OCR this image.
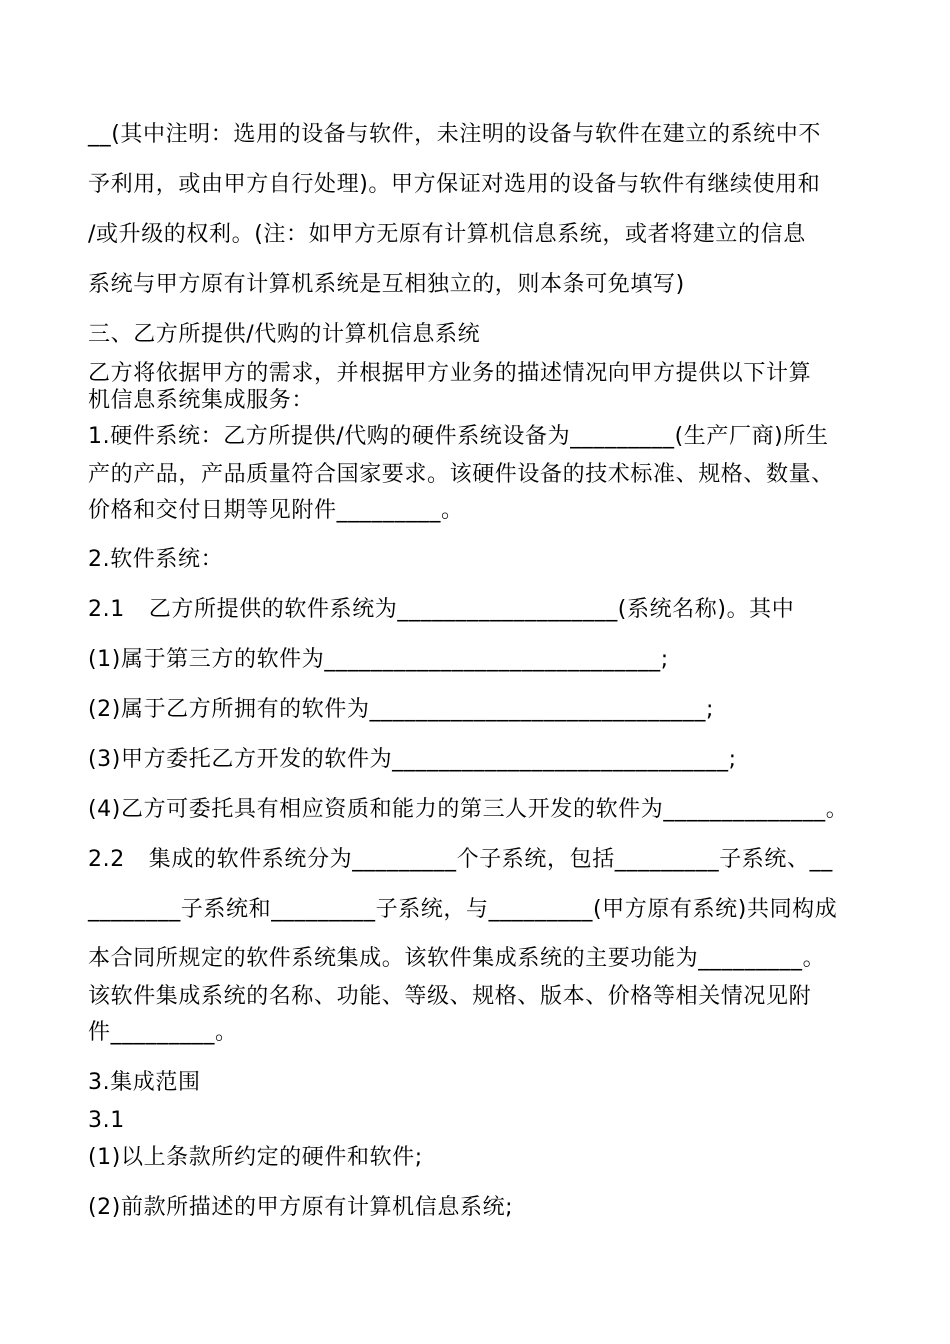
__(其中注明：选用的设备与软件，未注明的设备与软件在建立的系统中不

予利用，或由甲方自行处理)。甲方保证对选用的设备与软件有继续使用和

/或升级的权利。(注：如甲方无原有计算机信息系统，或者将建立的信息

系统与甲方原有计算机系统是互相独立的，则本条可免填写)

三、乙方所提供/代购的计算机信息系统

乙方将依据甲方的需求，并根据甲方业务的描述情况向甲方提供以下计算

机信息系统集成服务：

1.硬件系统：乙方所提供/代购的硬件系统设备为_________(生产厂商)所生

产的产品，产品质量符合国家要求。该硬件设备的技术标准、规格、数量、

价格和交付日期等见附件_________。

2.软件系统：

2.1 乙方所提供的软件系统为___________________(系统名称)。其中

(1)属于第三方的软件为_____________________________;

(2)属于乙方所拥有的软件为_____________________________;

(3)甲方委托乙方开发的软件为_____________________________;

(4)乙方可委托具有相应资质和能力的第三人开发的软件为______________。

2.2 集成的软件系统分为_________个子系统，包括_________子系统、__

________子系统和_________子系统，与_________(甲方原有系统)共同构成

本合同所规定的软件系统集成。该软件集成系统的主要功能为_________。

该软件集成系统的名称、功能、等级、规格、版本、价格等相关情况见附

件_________。

3.集成范围

3.1

(1)以上条款所约定的硬件和软件;

(2)前款所描述的甲方原有计算机信息系统;
